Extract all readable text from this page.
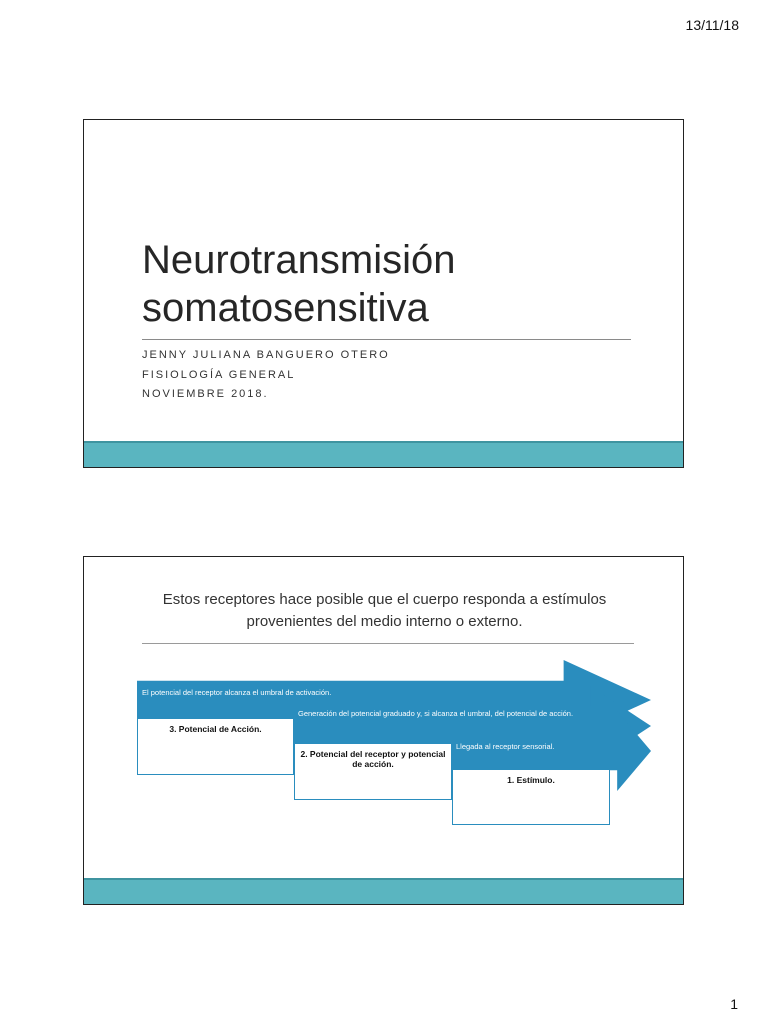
13/11/18
Neurotransmisión
somatosensitiva
JENNY JULIANA BANGUERO OTERO
FISIOLOGÍA GENERAL
NOVIEMBRE 2018.

Estos receptores hace posible que el cuerpo responda a estímulos
provenientes del medio interno o externo.

El potencial del receptor alcanza el umbral de activación.
3. Potencial de Acción.
Generación del potencial graduado y, si alcanza el umbral, del potencial de acción.
2. Potencial del receptor y potencial de acción.
Llegada al receptor sensorial.
1. Estímulo.
1
